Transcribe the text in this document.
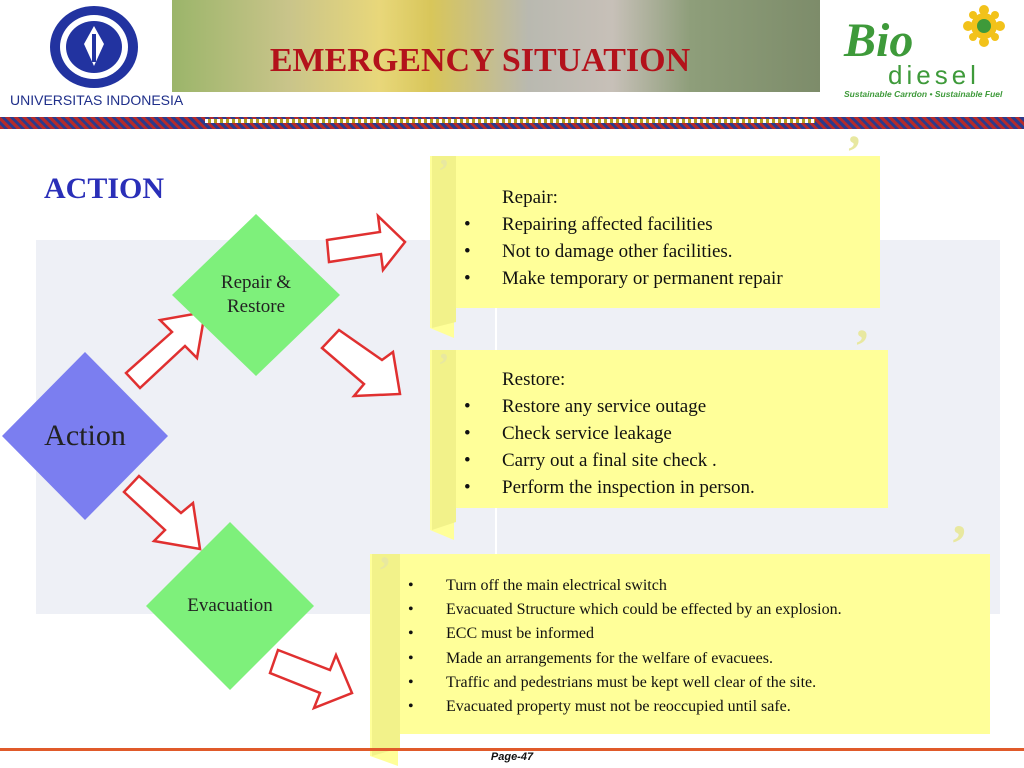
UNIVERSITAS INDONESIA
EMERGENCY SITUATION	Bio
diesel
Sustainable Carrdon • Sustainable Fuel
ACTION
Action
Repair &
Restore
Evacuation
’	’
Repair:
• Repairing affected facilities
• Not to damage other facilities.
• Make temporary or permanent repair
’	’
Restore:
• Restore any service outage
• Check service leakage
• Carry out a final site check .
• Perform the inspection in person.
’	’
• Turn off the main electrical switch
• Evacuated Structure which could be effected by an explosion.
• ECC must be informed
• Made an arrangements for the welfare of evacuees.
• Traffic and pedestrians must be kept well clear of the site.
• Evacuated property must not be reoccupied until safe.
Page-47
